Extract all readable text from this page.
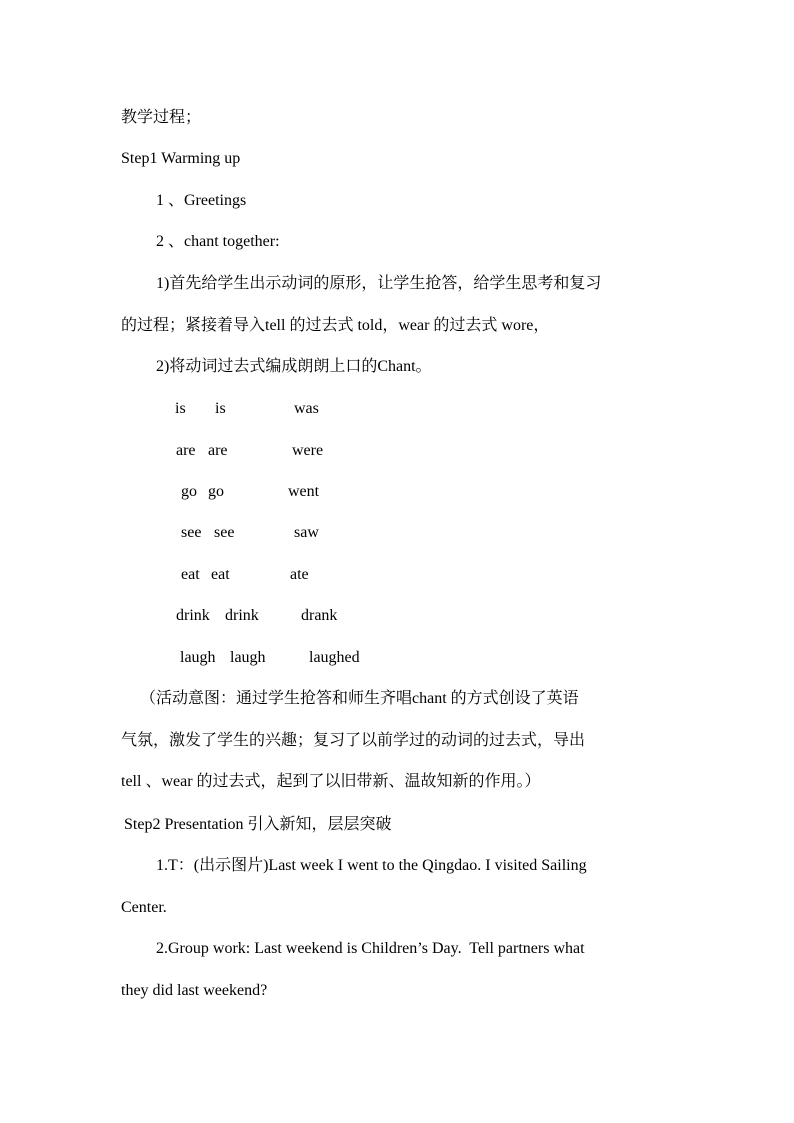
教学过程；

Step1 Warming up

1 、Greetings

2 、chant together:

1)首先给学生出示动词的原形，让学生抢答，给学生思考和复习

的过程；紧接着导入tell 的过去式 told，wear 的过去式 wore，

2)将动词过去式编成朗朗上口的Chant。

is is	was
are are	were
go go	went
see see	saw
eat eat	ate
drink drink	drank
laugh laugh	laughed

（活动意图：通过学生抢答和师生齐唱chant 的方式创设了英语

气氛，激发了学生的兴趣；复习了以前学过的动词的过去式，导出

tell 、wear 的过去式，起到了以旧带新、温故知新的作用。）

Step2 Presentation 引入新知，层层突破

1.T：(出示图片)Last week I went to the Qingdao. I visited Sailing

Center.

2.Group work: Last weekend is Children’s Day.  Tell partners what

they did last weekend?
